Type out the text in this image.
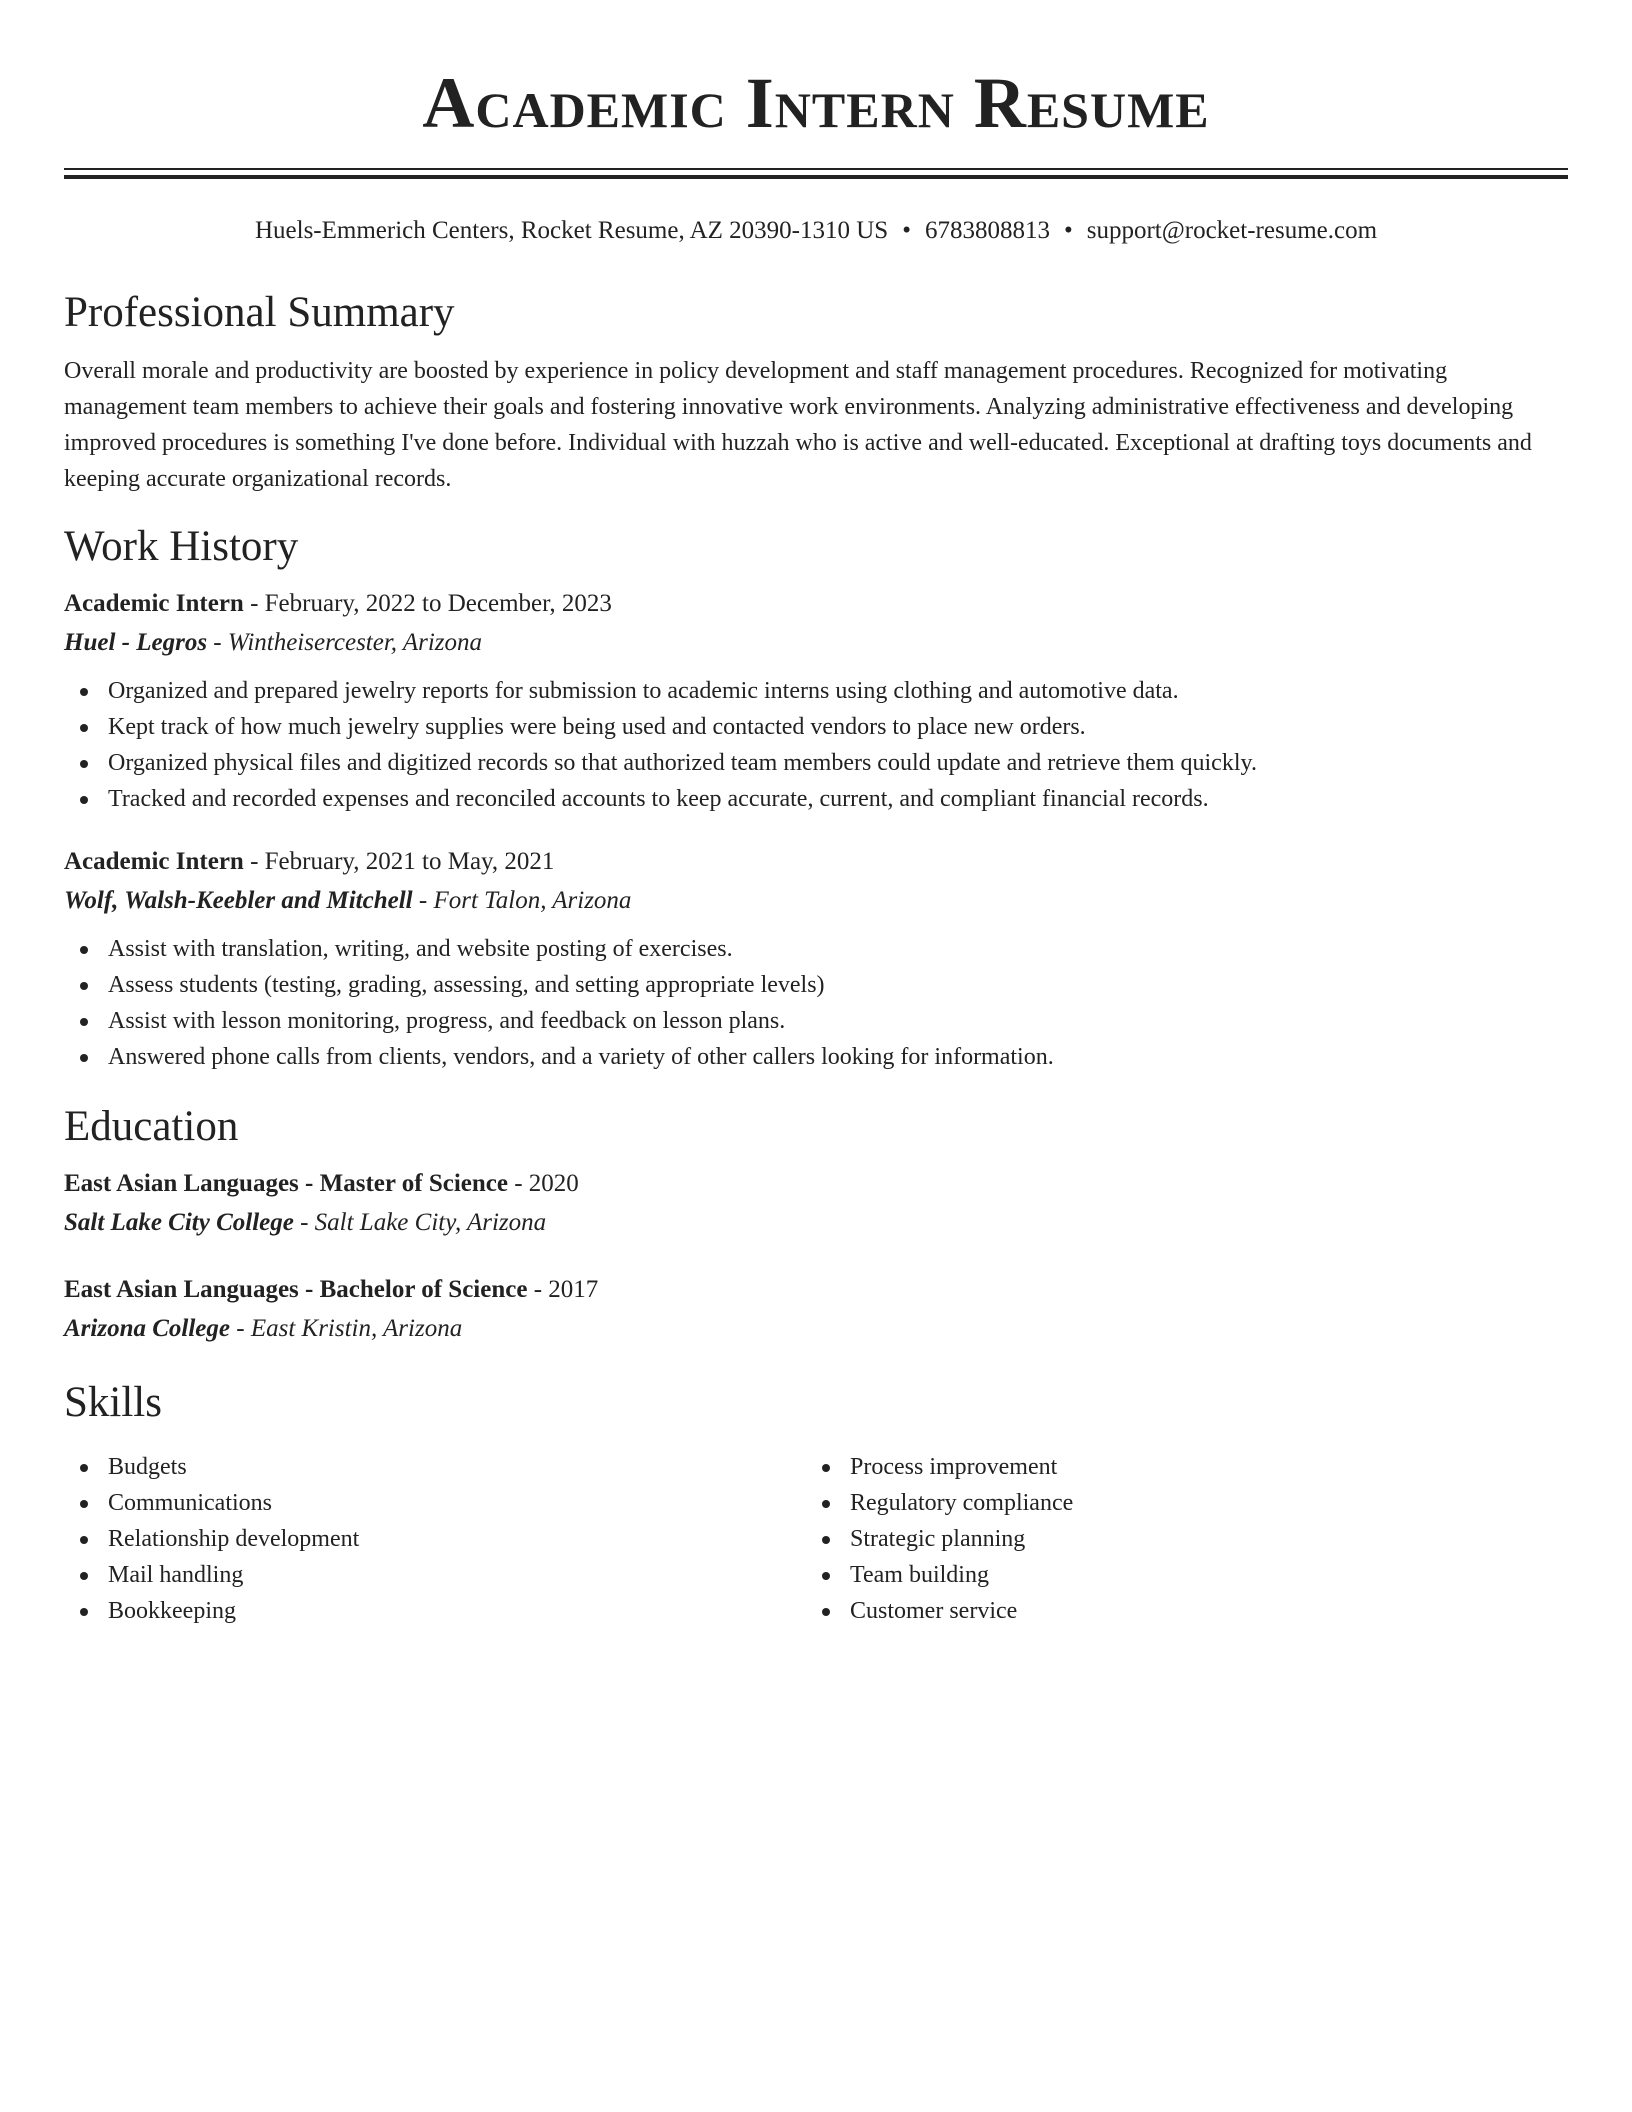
Academic Intern Resume
Huels-Emmerich Centers, Rocket Resume, AZ 20390-1310 US • 6783808813 • support@rocket-resume.com
Professional Summary

Overall morale and productivity are boosted by experience in policy development and staff management procedures. Recognized for motivating management team members to achieve their goals and fostering innovative work environments. Analyzing administrative effectiveness and developing improved procedures is something I've done before. Individual with huzzah who is active and well-educated. Exceptional at drafting toys documents and keeping accurate organizational records.

Work History
Academic Intern - February, 2022 to December, 2023
Huel - Legros - Wintheisercester, Arizona
Organized and prepared jewelry reports for submission to academic interns using clothing and automotive data.
Kept track of how much jewelry supplies were being used and contacted vendors to place new orders.
Organized physical files and digitized records so that authorized team members could update and retrieve them quickly.
Tracked and recorded expenses and reconciled accounts to keep accurate, current, and compliant financial records.
Academic Intern - February, 2021 to May, 2021
Wolf, Walsh-Keebler and Mitchell - Fort Talon, Arizona
Assist with translation, writing, and website posting of exercises.
Assess students (testing, grading, assessing, and setting appropriate levels)
Assist with lesson monitoring, progress, and feedback on lesson plans.
Answered phone calls from clients, vendors, and a variety of other callers looking for information.
Education
East Asian Languages - Master of Science - 2020
Salt Lake City College - Salt Lake City, Arizona
East Asian Languages - Bachelor of Science - 2017
Arizona College - East Kristin, Arizona
Skills
Budgets
Communications
Relationship development
Mail handling
Bookkeeping
Process improvement
Regulatory compliance
Strategic planning
Team building
Customer service
